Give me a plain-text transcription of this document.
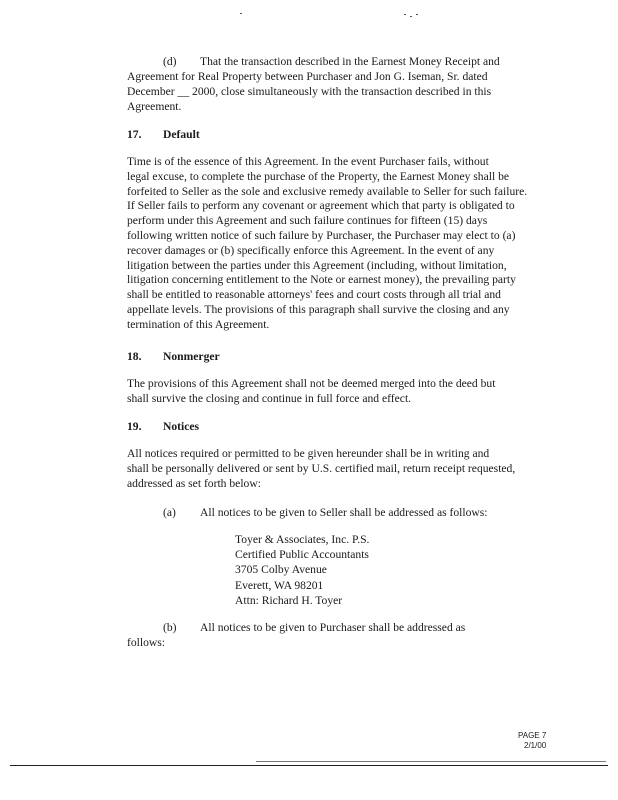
(d) That the transaction described in the Earnest Money Receipt and
Agreement for Real Property between Purchaser and Jon G. Iseman, Sr. dated
December __ 2000, close simultaneously with the transaction described in this
Agreement.
17. Default
Time is of the essence of this Agreement. In the event Purchaser fails, without
legal excuse, to complete the purchase of the Property, the Earnest Money shall be
forfeited to Seller as the sole and exclusive remedy available to Seller for such failure.
If Seller fails to perform any covenant or agreement which that party is obligated to
perform under this Agreement and such failure continues for fifteen (15) days
following written notice of such failure by Purchaser, the Purchaser may elect to (a)
recover damages or (b) specifically enforce this Agreement. In the event of any
litigation between the parties under this Agreement (including, without limitation,
litigation concerning entitlement to the Note or earnest money), the prevailing party
shall be entitled to reasonable attorneys' fees and court costs through all trial and
appellate levels. The provisions of this paragraph shall survive the closing and any
termination of this Agreement.
18. Nonmerger
The provisions of this Agreement shall not be deemed merged into the deed but
shall survive the closing and continue in full force and effect.
19. Notices
All notices required or permitted to be given hereunder shall be in writing and
shall be personally delivered or sent by U.S. certified mail, return receipt requested,
addressed as set forth below:
(a) All notices to be given to Seller shall be addressed as follows:
Toyer & Associates, Inc. P.S.
Certified Public Accountants
3705 Colby Avenue
Everett, WA 98201
Attn: Richard H. Toyer
(b) All notices to be given to Purchaser shall be addressed as
follows:
PAGE 7
2/1/00
